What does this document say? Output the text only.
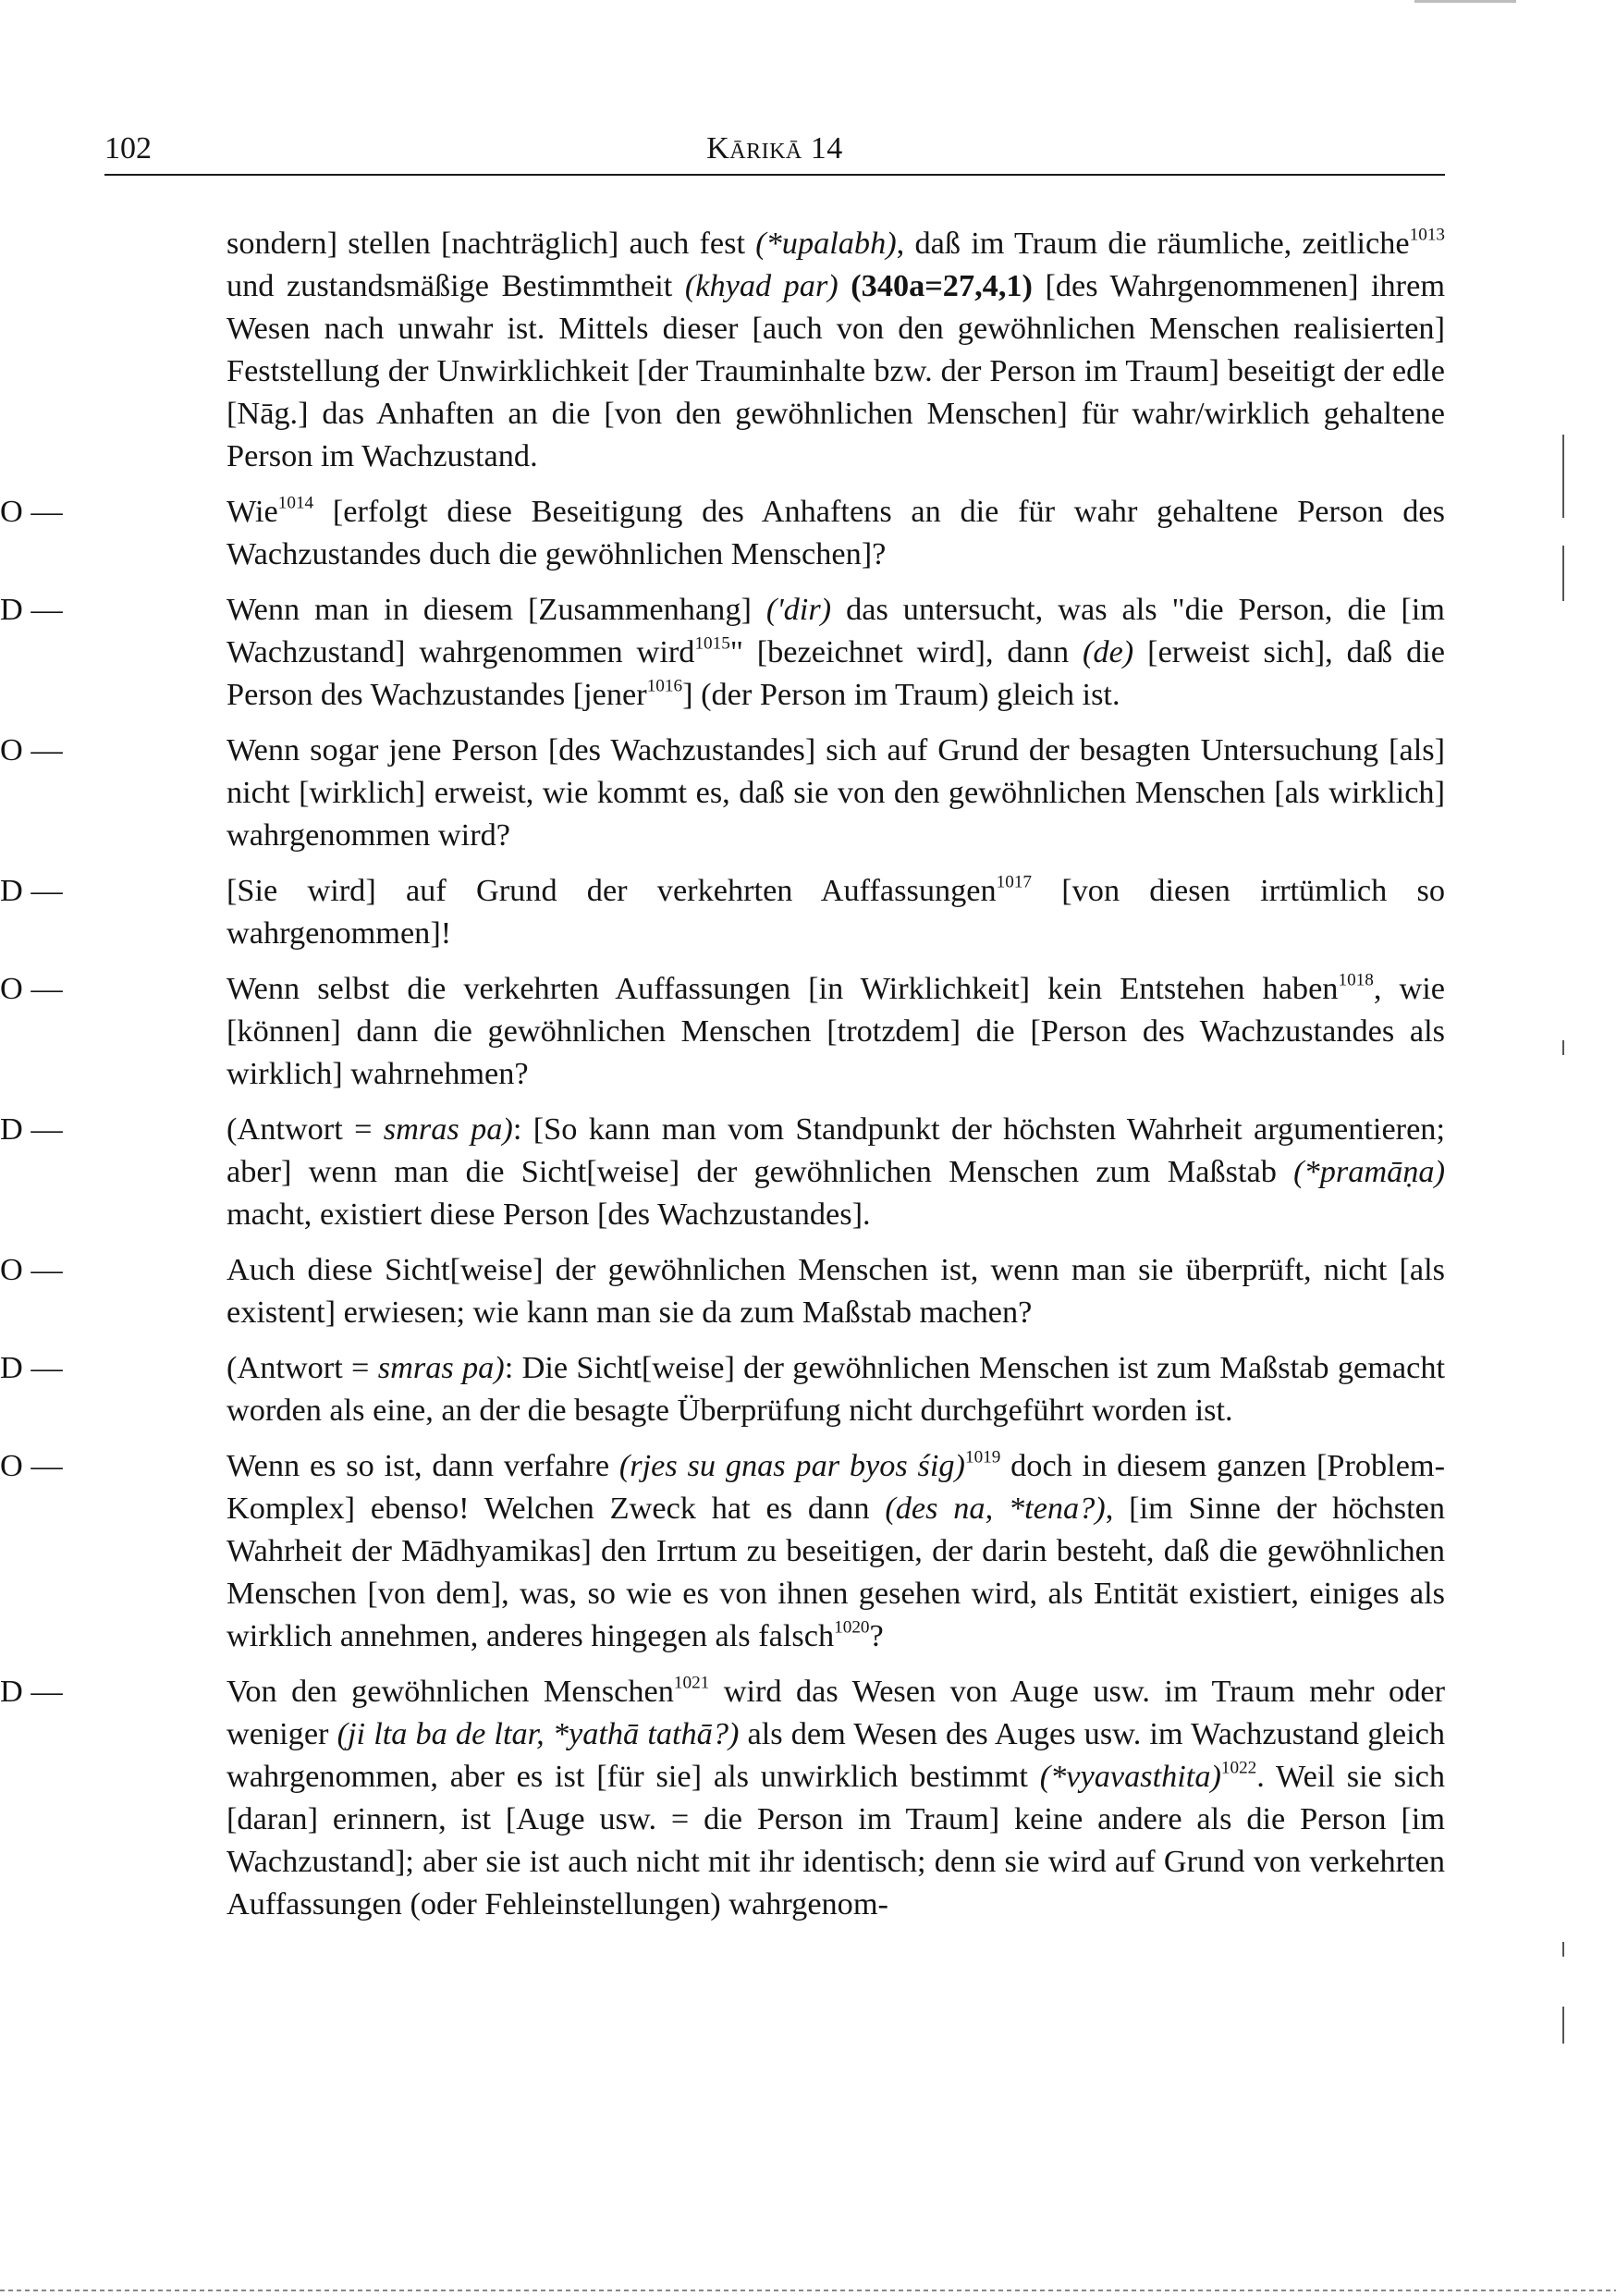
102	Kārikā 14

sondern] stellen [nachträglich] auch fest (*upalabh), daß im Traum die räumliche, zeitliche$^{1013}$ und zustandsmäßige Bestimmtheit (khyad par) (340a=27,4,1) [des Wahrgenommenen] ihrem Wesen nach unwahr ist. Mittels dieser [auch von den gewöhnlichen Menschen realisierten] Feststellung der Unwirklichkeit [der Trauminhalte bzw. der Person im Traum] beseitigt der edle [Nāg.] das Anhaften an die [von den gewöhnlichen Menschen] für wahr/wirklich gehaltene Person im Wachzustand.

O —	Wie$^{1014}$ [erfolgt diese Beseitigung des Anhaftens an die für wahr gehaltene Person des Wachzustandes duch die gewöhnlichen Menschen]?

D —	Wenn man in diesem [Zusammenhang] ('dir) das untersucht, was als "die Person, die [im Wachzustand] wahrgenommen wird$^{1015}$" [bezeichnet wird], dann (de) [erweist sich], daß die Person des Wachzustandes [jener$^{1016}$] (der Person im Traum) gleich ist.

O —	Wenn sogar jene Person [des Wachzustandes] sich auf Grund der besagten Untersuchung [als] nicht [wirklich] erweist, wie kommt es, daß sie von den gewöhnlichen Menschen [als wirklich] wahrgenommen wird?

D —	[Sie wird] auf Grund der verkehrten Auffassungen$^{1017}$ [von diesen irrtümlich so wahrgenommen]!

O —	Wenn selbst die verkehrten Auffassungen [in Wirklichkeit] kein Entstehen haben$^{1018}$, wie [können] dann die gewöhnlichen Menschen [trotzdem] die [Person des Wachzustandes als wirklich] wahrnehmen?

D —	(Antwort = smras pa): [So kann man vom Standpunkt der höchsten Wahrheit argumentieren; aber] wenn man die Sicht[weise] der gewöhnlichen Menschen zum Maßstab (*pramāṇa) macht, existiert diese Person [des Wachzustandes].

O —	Auch diese Sicht[weise] der gewöhnlichen Menschen ist, wenn man sie überprüft, nicht [als existent] erwiesen; wie kann man sie da zum Maßstab machen?

D —	(Antwort = smras pa): Die Sicht[weise] der gewöhnlichen Menschen ist zum Maßstab gemacht worden als eine, an der die besagte Überprüfung nicht durchgeführt worden ist.

O —	Wenn es so ist, dann verfahre (rjes su gnas par byos śig)$^{1019}$ doch in diesem ganzen [Problem-Komplex] ebenso! Welchen Zweck hat es dann (des na, *tena?), [im Sinne der höchsten Wahrheit der Mādhyamikas] den Irrtum zu beseitigen, der darin besteht, daß die gewöhnlichen Menschen [von dem], was, so wie es von ihnen gesehen wird, als Entität existiert, einiges als wirklich annehmen, anderes hingegen als falsch$^{1020}$?

D —	Von den gewöhnlichen Menschen$^{1021}$ wird das Wesen von Auge usw. im Traum mehr oder weniger (ji lta ba de ltar, *yathā tathā?) als dem Wesen des Auges usw. im Wachzustand gleich wahrgenommen, aber es ist [für sie] als unwirklich bestimmt (*vyavasthita)$^{1022}$. Weil sie sich [daran] erinnern, ist [Auge usw. = die Person im Traum] keine andere als die Person [im Wachzustand]; aber sie ist auch nicht mit ihr identisch; denn sie wird auf Grund von verkehrten Auffassungen (oder Fehleinstellungen) wahrgenom-
